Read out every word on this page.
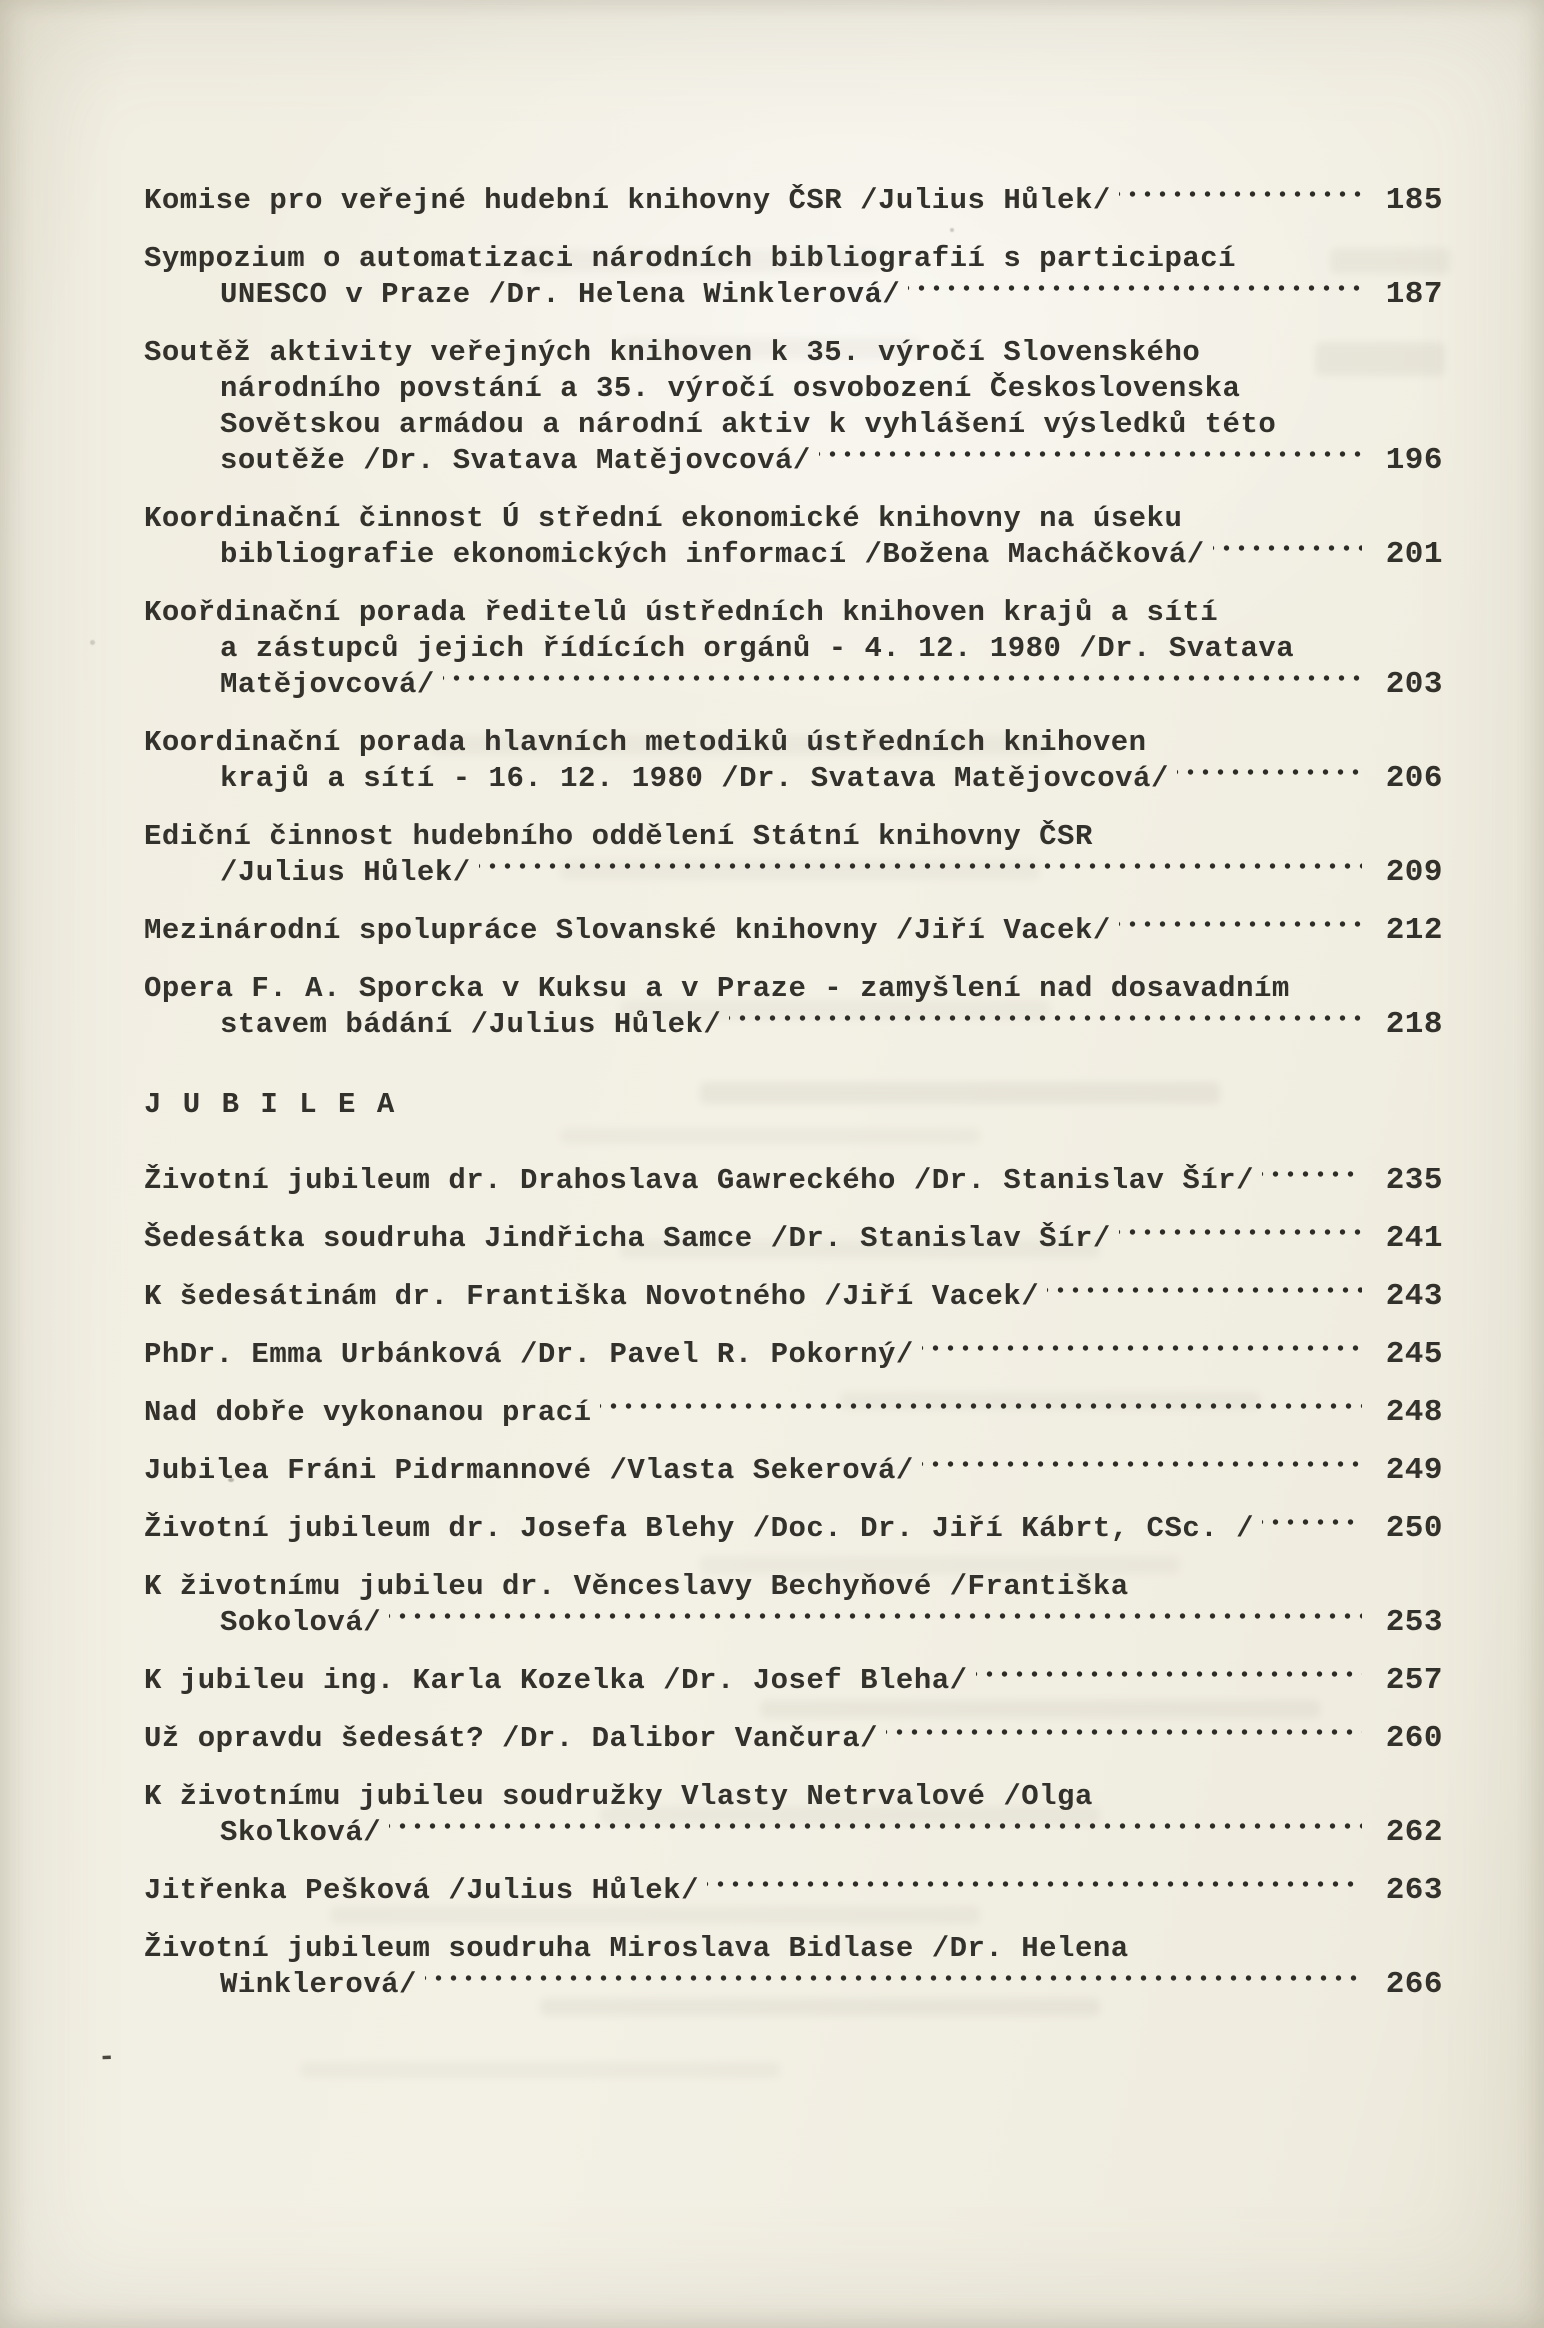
Komise pro veřejné hudební knihovny ČSR /Julius Hůlek/	185
Sympozium o automatizaci národních bibliografií s participací
UNESCO v Praze /Dr. Helena Winklerová/	187
Soutěž aktivity veřejných knihoven k 35. výročí Slovenského
národního povstání a 35. výročí osvobození Československa
Sovětskou armádou a národní aktiv k vyhlášení výsledků této
soutěže /Dr. Svatava Matějovcová/	196
Koordinační činnost Ú střední ekonomické knihovny na úseku
bibliografie ekonomických informací /Božena Macháčková/	201
Koořdinační porada ředitelů ústředních knihoven krajů a sítí
a zástupců jejich řídících orgánů - 4. 12. 1980 /Dr. Svatava
Matějovcová/	203
Koordinační porada hlavních metodiků ústředních knihoven
krajů a sítí - 16. 12. 1980 /Dr. Svatava Matějovcová/	206
Ediční činnost hudebního oddělení Státní knihovny ČSR
/Julius Hůlek/	209
Mezinárodní spolupráce Slovanské knihovny /Jiří Vacek/	212
Opera F. A. Sporcka v Kuksu a v Praze - zamyšlení nad dosavadním
stavem bádání /Julius Hůlek/	218
J U B I L E A
Životní jubileum dr. Drahoslava Gawreckého /Dr. Stanislav Šír/	235
Šedesátka soudruha Jindřicha Samce /Dr. Stanislav Šír/	241
K šedesátinám dr. Františka Novotného /Jiří Vacek/	243
PhDr. Emma Urbánková /Dr. Pavel R. Pokorný/	245
Nad dobře vykonanou prací	248
Jubilea Fráni Pidrmannové /Vlasta Sekerová/	249
Životní jubileum dr. Josefa Blehy /Doc. Dr. Jiří Kábrt, CSc. /	250
K životnímu jubileu dr. Věnceslavy Bechyňové /Františka
Sokolová/	253
K jubileu ing. Karla Kozelka /Dr. Josef Bleha/	257
Už opravdu šedesát? /Dr. Dalibor Vančura/	260
K životnímu jubileu soudružky Vlasty Netrvalové /Olga
Skolková/	262
Jitřenka Pešková /Julius Hůlek/	263
Životní jubileum soudruha Miroslava Bidlase /Dr. Helena
Winklerová/	266
-
